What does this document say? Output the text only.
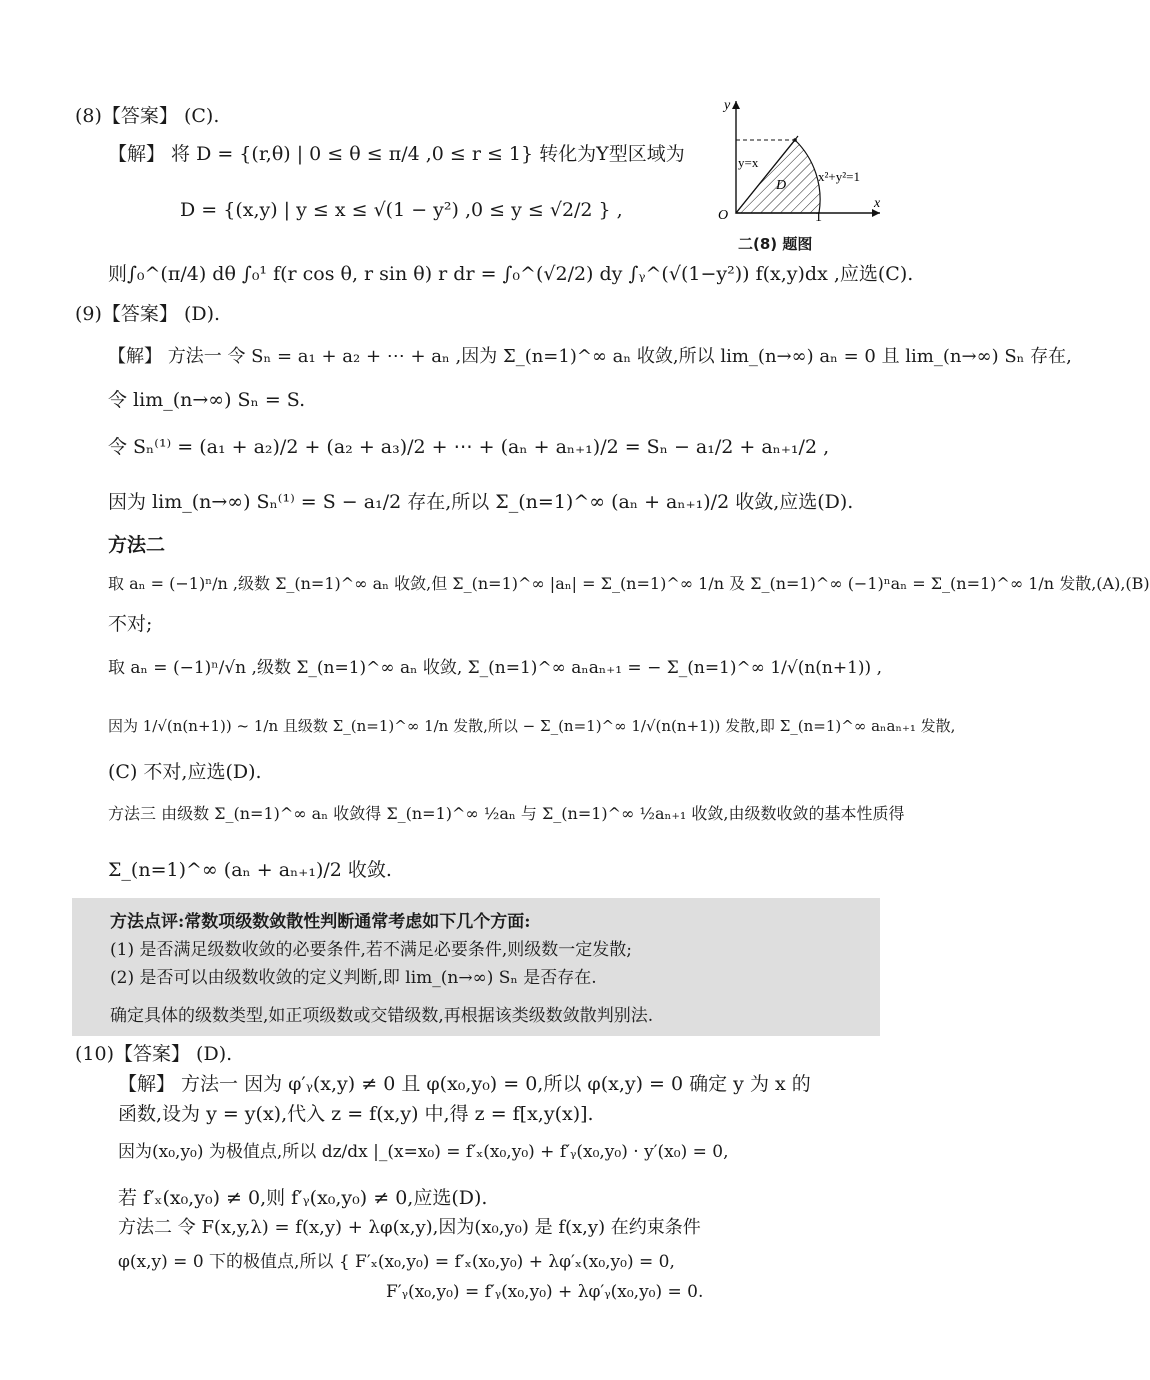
(8)【答案】 (C).
【解】 将 D = {(r,θ) | 0 ≤ θ ≤ π/4 ,0 ≤ r ≤ 1} 转化为Y型区域为
D = {(x,y) | y ≤ x ≤ √(1 − y²) ,0 ≤ y ≤ √2/2 } ,
则∫₀^(π/4) dθ ∫₀¹ f(r cos θ, r sin θ) r dr = ∫₀^(√2/2) dy ∫ᵧ^(√(1−y²)) f(x,y)dx ,应选(C).
y
x
O	1
y=x
D
x²+y²=1
二(8) 题图
(9)【答案】 (D).
【解】 方法一 令 Sₙ = a₁ + a₂ + ⋯ + aₙ ,因为 Σ_(n=1)^∞ aₙ 收敛,所以 lim_(n→∞) aₙ = 0 且 lim_(n→∞) Sₙ 存在,
令 lim_(n→∞) Sₙ = S.
令 Sₙ⁽¹⁾ = (a₁ + a₂)/2 + (a₂ + a₃)/2 + ⋯ + (aₙ + aₙ₊₁)/2 = Sₙ − a₁/2 + aₙ₊₁/2 ,
因为 lim_(n→∞) Sₙ⁽¹⁾ = S − a₁/2 存在,所以 Σ_(n=1)^∞ (aₙ + aₙ₊₁)/2 收敛,应选(D).
方法二
取 aₙ = (−1)ⁿ/n ,级数 Σ_(n=1)^∞ aₙ 收敛,但 Σ_(n=1)^∞ |aₙ| = Σ_(n=1)^∞ 1/n 及 Σ_(n=1)^∞ (−1)ⁿaₙ = Σ_(n=1)^∞ 1/n 发散,(A),(B)
不对;
取 aₙ = (−1)ⁿ/√n ,级数 Σ_(n=1)^∞ aₙ 收敛, Σ_(n=1)^∞ aₙaₙ₊₁ = − Σ_(n=1)^∞ 1/√(n(n+1)) ,
因为 1/√(n(n+1)) ~ 1/n 且级数 Σ_(n=1)^∞ 1/n 发散,所以 − Σ_(n=1)^∞ 1/√(n(n+1)) 发散,即 Σ_(n=1)^∞ aₙaₙ₊₁ 发散,
(C) 不对,应选(D).
方法三 由级数 Σ_(n=1)^∞ aₙ 收敛得 Σ_(n=1)^∞ ½aₙ 与 Σ_(n=1)^∞ ½aₙ₊₁ 收敛,由级数收敛的基本性质得
Σ_(n=1)^∞ (aₙ + aₙ₊₁)/2 收敛.
方法点评:常数项级数敛散性判断通常考虑如下几个方面:
(1) 是否满足级数收敛的必要条件,若不满足必要条件,则级数一定发散;
(2) 是否可以由级数收敛的定义判断,即 lim_(n→∞) Sₙ 是否存在.
确定具体的级数类型,如正项级数或交错级数,再根据该类级数敛散判别法.
(10)【答案】 (D).
【解】 方法一 因为 φ′ᵧ(x,y) ≠ 0 且 φ(x₀,y₀) = 0,所以 φ(x,y) = 0 确定 y 为 x 的
函数,设为 y = y(x),代入 z = f(x,y) 中,得 z = f[x,y(x)].
因为(x₀,y₀) 为极值点,所以 dz/dx |_(x=x₀) = f′ₓ(x₀,y₀) + f′ᵧ(x₀,y₀) · y′(x₀) = 0,
若 f′ₓ(x₀,y₀) ≠ 0,则 f′ᵧ(x₀,y₀) ≠ 0,应选(D).
方法二 令 F(x,y,λ) = f(x,y) + λφ(x,y),因为(x₀,y₀) 是 f(x,y) 在约束条件
φ(x,y) = 0 下的极值点,所以 { F′ₓ(x₀,y₀) = f′ₓ(x₀,y₀) + λφ′ₓ(x₀,y₀) = 0,
F′ᵧ(x₀,y₀) = f′ᵧ(x₀,y₀) + λφ′ᵧ(x₀,y₀) = 0.
